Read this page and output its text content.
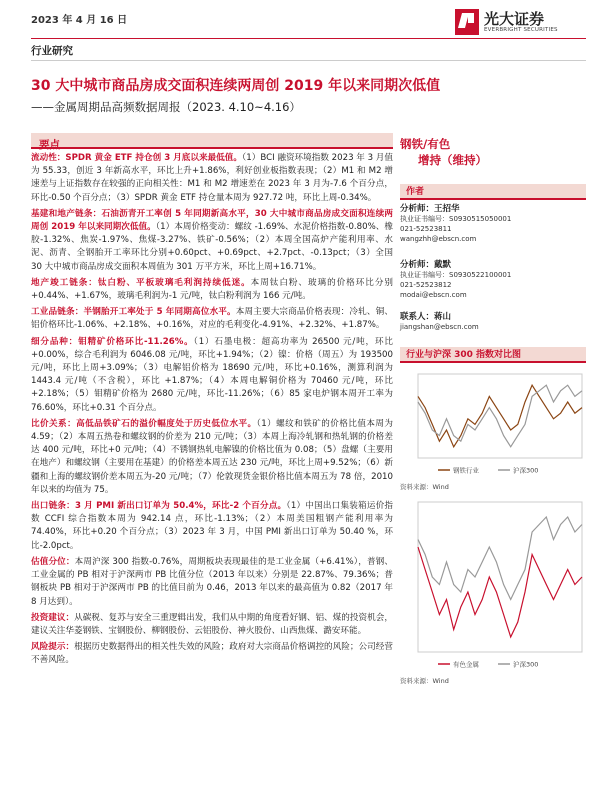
2023 年 4 月 16 日	光大证券
EVERBRIGHT SECURITIES
行业研究
30 大中城市商品房成交面积连续两周创 2019 年以来同期次低值
——金属周期品高频数据周报（2023. 4.10~4.16）
要点

流动性：SPDR 黄金 ETF 持仓创 3 月底以来最低值。（1）BCI 融资环境指数 2023 年 3 月值为 55.33，创近 3 年新高水平，环比上升+1.86%，利好创业板指数表现；（2）M1 和 M2 增速差与上证指数存在较强的正向相关性：M1 和 M2 增速差在 2023 年 3 月为-7.6 个百分点，环比-0.50 个百分点；（3）SPDR 黄金 ETF 持仓量本周为 927.72 吨，环比上周-0.34%。

基建和地产链条：石油沥青开工率创 5 年同期新高水平，30 大中城市商品房成交面积连续两周创 2019 年以来同期次低值。（1）本周价格变动：螺纹 -1.69%、水泥价格指数-0.80%、橡胶-1.32%、焦炭-1.97%、焦煤-3.27%、铁矿-0.56%；（2）本周全国高炉产能利用率、水泥、沥青、全钢胎开工率环比分别+0.60pct、+0.69pct、+2.7pct、-0.13pct；（3）全国 30 大中城市商品房成交面积本周值为 301 万平方米，环比上周+16.71%。

地产竣工链条：钛白粉、平板玻璃毛利润持续低迷。本周钛白粉、玻璃的价格环比分别+0.44%、+1.67%，玻璃毛利润为-1 元/吨，钛白粉利润为 166 元/吨。

工业品链条：半钢胎开工率处于 5 年同期高位水平。本周主要大宗商品价格表现：冷轧、铜、铝价格环比-1.06%、+2.18%、+0.16%，对应的毛利变化-4.91%、+2.32%、+1.87%。

细分品种：钼精矿价格环比-11.26%。（1）石墨电极：超高功率为 26500 元/吨，环比+0.00%，综合毛利润为 6046.08 元/吨，环比+1.94%；（2）镍：价格（周五）为 193500 元/吨，环比上周+3.09%；（3）电解铝价格为 18690 元/吨，环比+0.16%，测算利润为 1443.4 元/吨（不含税），环比 +1.87%；（4）本周电解铜价格为 70460 元/吨，环比+2.18%；（5）钼精矿价格为 2680 元/吨，环比-11.26%；（6）85 家电炉钢本周开工率为 76.60%，环比+0.31 个百分点。

比价关系：高低品铁矿石的溢价幅度处于历史低位水平。（1）螺纹和铁矿的价格比值本周为 4.59；（2）本周五热卷和螺纹钢的价差为 210 元/吨；（3）本周上海冷轧钢和热轧钢的价格差达 400 元/吨，环比+0 元/吨；（4）不锈钢热轧电解镍的价格比值为 0.08；（5）盘螺（主要用在地产）和螺纹钢（主要用在基建）的价格差本周五达 230 元/吨，环比上周+9.52%；（6）新疆和上海的螺纹钢价差本周五为-20 元/吨；（7）伦敦现货金银价格比值本周五为 78 倍，2010 年以来的均值为 75。

出口链条：3 月 PMI 新出口订单为 50.4%，环比-2 个百分点。（1）中国出口集装箱运价指数 CCFI 综合指数本周为 942.14 点，环比-1.13%；（2）本周美国粗钢产能利用率为 74.40%，环比+0.20 个百分点；（3）2023 年 3 月，中国 PMI 新出口订单为 50.40 %，环比-2.0pct。

估值分位：本周沪深 300 指数-0.76%，周期板块表现最佳的是工业金属（+6.41%），普钢、工业金属的 PB 相对于沪深两市 PB 比值分位（2013 年以来）分别是 22.87%、79.36%；普钢板块 PB 相对于沪深两市 PB 的比值目前为 0.46，2013 年以来的最高值为 0.82（2017 年 8 月达到）。

投资建议：从碳税、复苏与安全三重逻辑出发，我们从中期的角度看好钢、铝、煤的投资机会，建议关注华菱钢铁、宝钢股份、柳钢股份、云铝股份、神火股份、山西焦煤、潞安环能。

风险提示：根据历史数据得出的相关性失效的风险；政府对大宗商品价格调控的风险；公司经营不善风险。

钢铁/有色
增持（维持）
作者
分析师：王招华
执业证书编号：S0930515050001
021-52523811
wangzhh@ebscn.com
分析师：戴默
执业证书编号：S0930522100001
021-52523812
modai@ebscn.com
联系人：蒋山
jiangshan@ebscn.com
行业与沪深 300 指数对比图
钢铁行业	沪深300
资料来源：Wind
有色金属	沪深300
资料来源：Wind
